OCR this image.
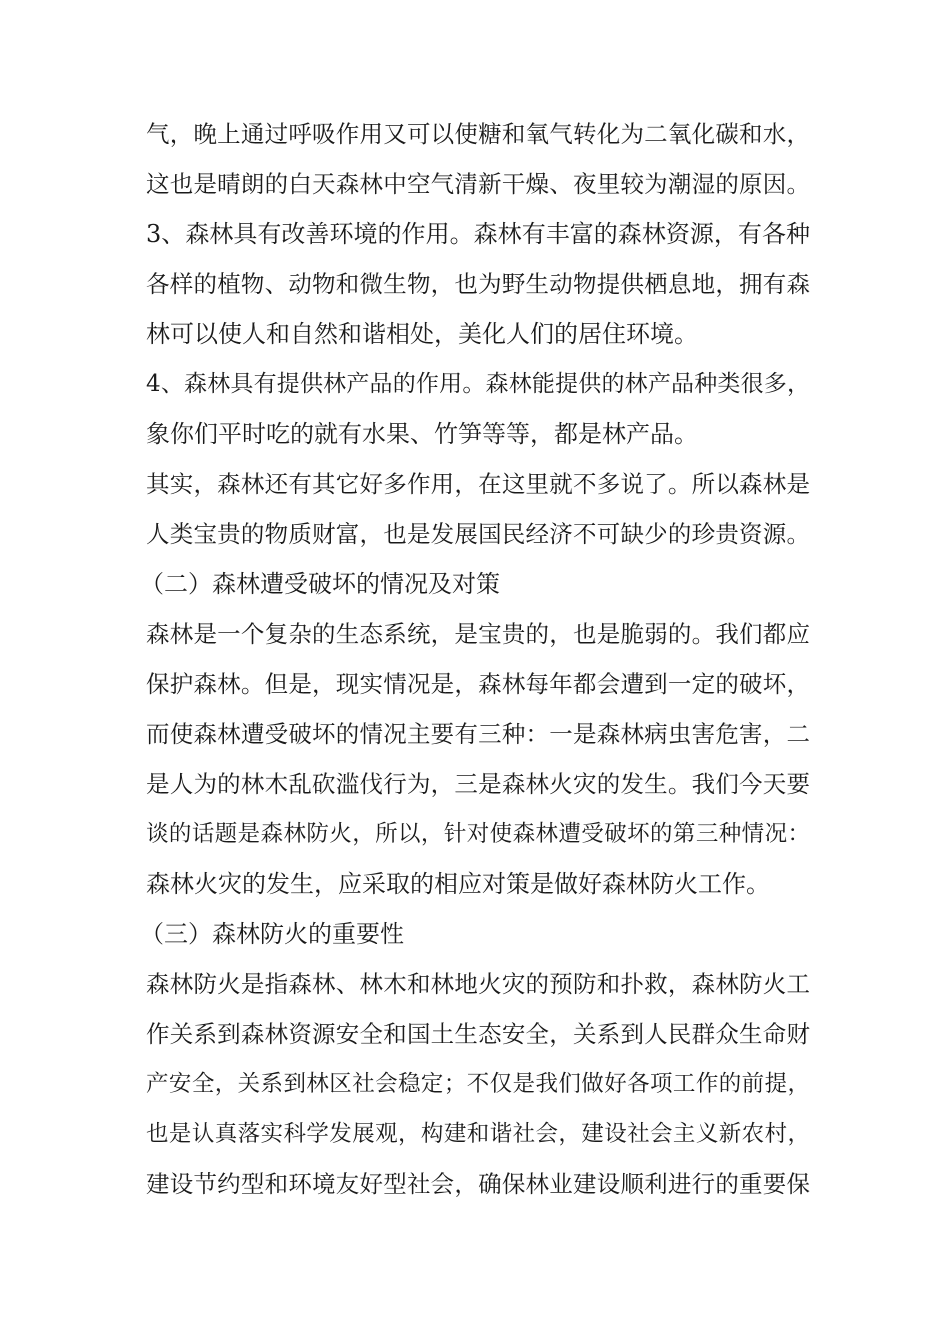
气，晚上通过呼吸作用又可以使糖和氧气转化为二氧化碳和水，
这也是晴朗的白天森林中空气清新干燥、夜里较为潮湿的原因。
3、森林具有改善环境的作用。森林有丰富的森林资源，有各种
各样的植物、动物和微生物，也为野生动物提供栖息地，拥有森
林可以使人和自然和谐相处，美化人们的居住环境。
4、森林具有提供林产品的作用。森林能提供的林产品种类很多，
象你们平时吃的就有水果、竹笋等等，都是林产品。
其实，森林还有其它好多作用，在这里就不多说了。所以森林是
人类宝贵的物质财富，也是发展国民经济不可缺少的珍贵资源。
（二）森林遭受破坏的情况及对策
森林是一个复杂的生态系统，是宝贵的，也是脆弱的。我们都应
保护森林。但是，现实情况是，森林每年都会遭到一定的破坏，
而使森林遭受破坏的情况主要有三种：一是森林病虫害危害，二
是人为的林木乱砍滥伐行为，三是森林火灾的发生。我们今天要
谈的话题是森林防火，所以，针对使森林遭受破坏的第三种情况：
森林火灾的发生，应采取的相应对策是做好森林防火工作。
（三）森林防火的重要性
森林防火是指森林、林木和林地火灾的预防和扑救，森林防火工
作关系到森林资源安全和国土生态安全，关系到人民群众生命财
产安全，关系到林区社会稳定；不仅是我们做好各项工作的前提，
也是认真落实科学发展观，构建和谐社会，建设社会主义新农村，
建设节约型和环境友好型社会，确保林业建设顺利进行的重要保
